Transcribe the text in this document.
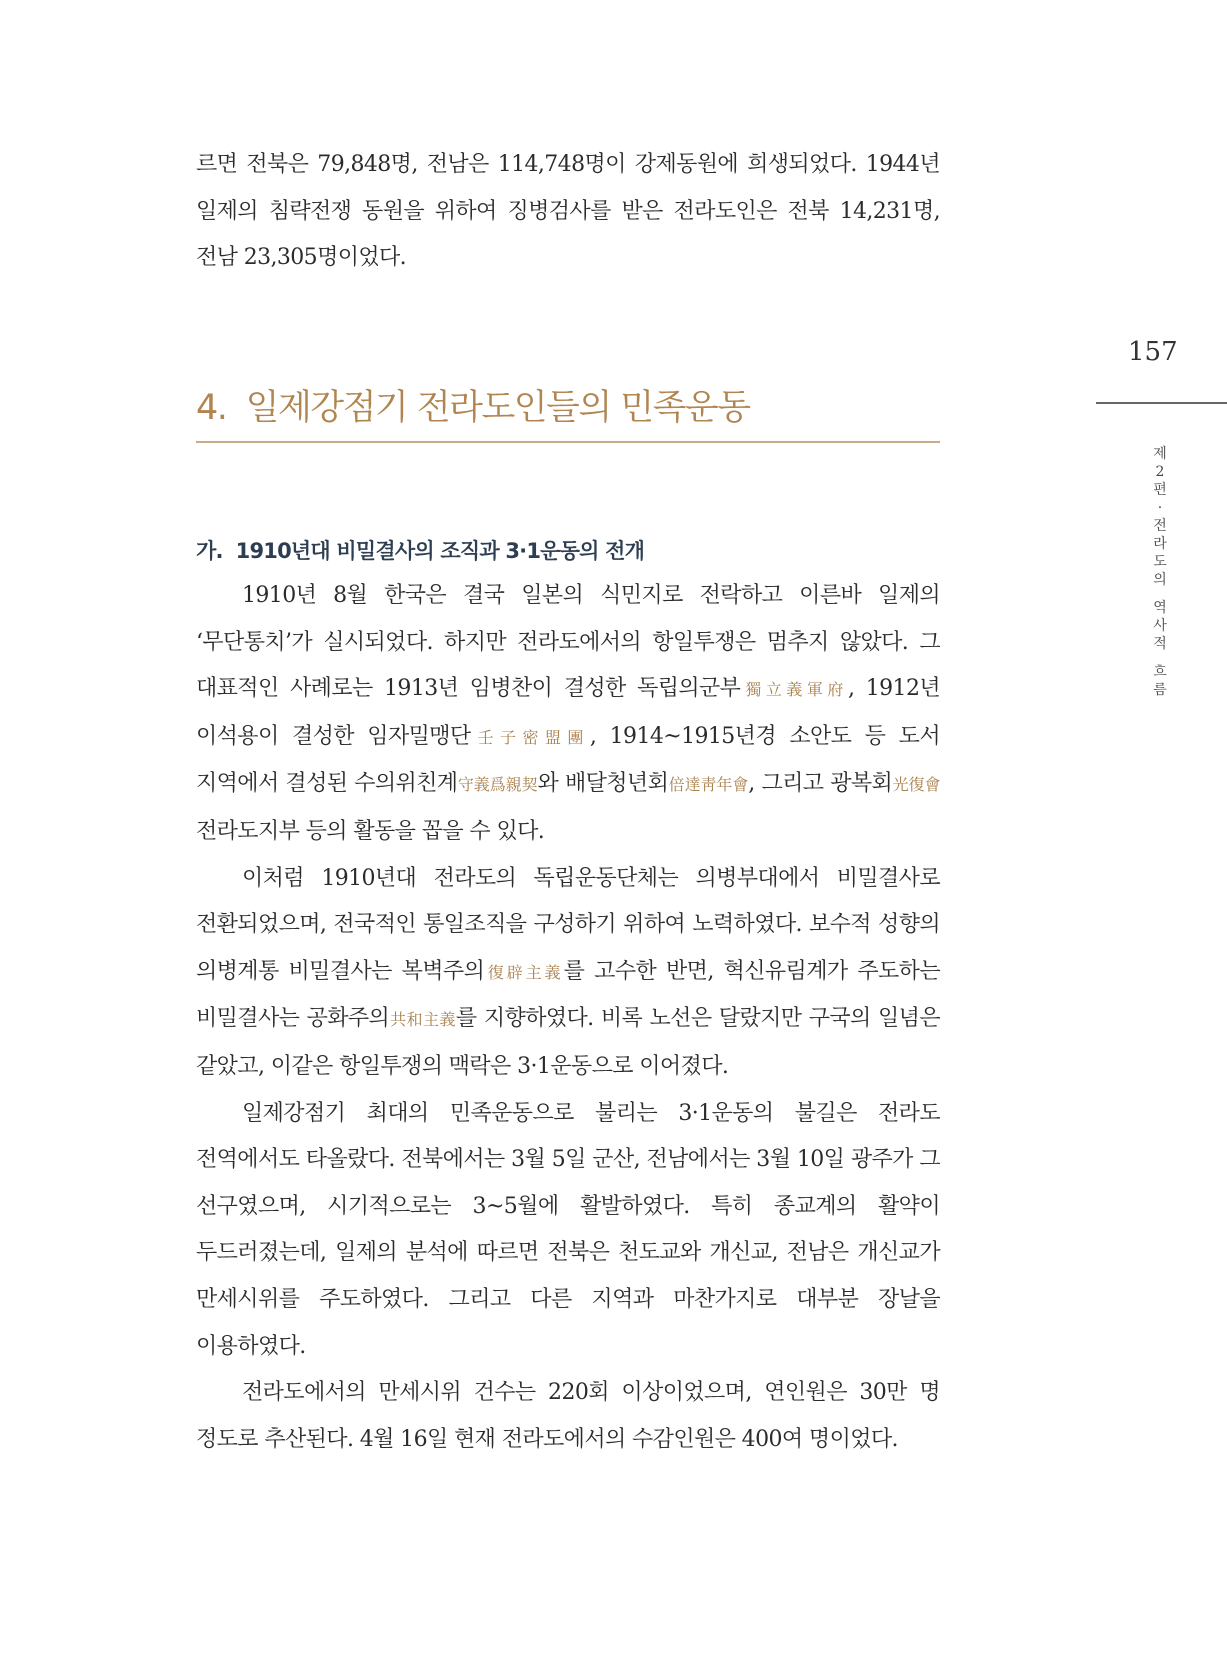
르면 전북은 79,848명, 전남은 114,748명이 강제동원에 희생되었다. 1944년 일제의 침략전쟁 동원을 위하여 징병검사를 받은 전라도인은 전북 14,231명, 전남 23,305명이었다.

4.  일제강점기 전라도인들의 민족운동
가.  1910년대 비밀결사의 조직과 3·1운동의 전개

1910년 8월 한국은 결국 일본의 식민지로 전락하고 이른바 일제의 ‘무단통치’가 실시되었다. 하지만 전라도에서의 항일투쟁은 멈추지 않았다. 그 대표적인 사례로는 1913년 임병찬이 결성한 독립의군부獨立義軍府, 1912년 이석용이 결성한 임자밀맹단壬子密盟團, 1914~1915년경 소안도 등 도서 지역에서 결성된 수의위친계守義爲親契와 배달청년회倍達靑年會, 그리고 광복회光復會 전라도지부 등의 활동을 꼽을 수 있다.

이처럼 1910년대 전라도의 독립운동단체는 의병부대에서 비밀결사로 전환되었으며, 전국적인 통일조직을 구성하기 위하여 노력하였다. 보수적 성향의 의병계통 비밀결사는 복벽주의復辟主義를 고수한 반면, 혁신유림계가 주도하는 비밀결사는 공화주의共和主義를 지향하였다. 비록 노선은 달랐지만 구국의 일념은 같았고, 이같은 항일투쟁의 맥락은 3·1운동으로 이어졌다.

일제강점기 최대의 민족운동으로 불리는 3·1운동의 불길은 전라도 전역에서도 타올랐다. 전북에서는 3월 5일 군산, 전남에서는 3월 10일 광주가 그 선구였으며, 시기적으로는 3~5월에 활발하였다. 특히 종교계의 활약이 두드러졌는데, 일제의 분석에 따르면 전북은 천도교와 개신교, 전남은 개신교가 만세시위를 주도하였다. 그리고 다른 지역과 마찬가지로 대부분 장날을 이용하였다.

전라도에서의 만세시위 건수는 220회 이상이었으며, 연인원은 30만 명 정도로 추산된다. 4월 16일 현재 전라도에서의 수감인원은 400여 명이었다.

157
제
2
편
·
전
라
도
의

역
사
적

흐
름
